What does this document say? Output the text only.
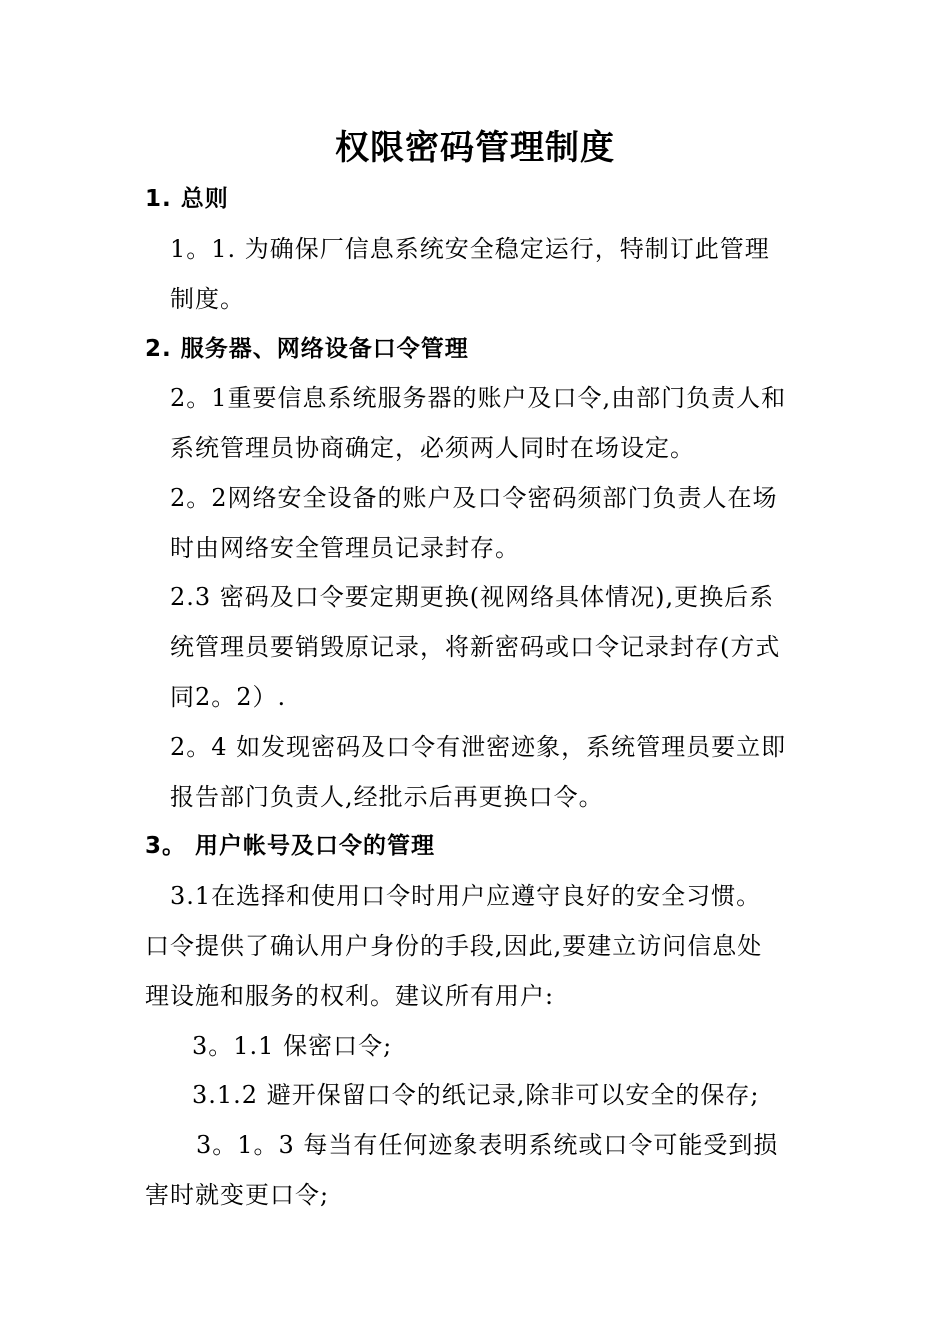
权限密码管理制度
1. 总则
1。1. 为确保厂信息系统安全稳定运行，特制订此管理
制度。
2. 服务器、网络设备口令管理
2。1重要信息系统服务器的账户及口令,由部门负责人和
系统管理员协商确定，必须两人同时在场设定。
2。2网络安全设备的账户及口令密码须部门负责人在场
时由网络安全管理员记录封存。
2.3 密码及口令要定期更换(视网络具体情况),更换后系
统管理员要销毁原记录，将新密码或口令记录封存(方式
同2。2）.
2。4 如发现密码及口令有泄密迹象，系统管理员要立即
报告部门负责人,经批示后再更换口令。
3。 用户帐号及口令的管理
3.1在选择和使用口令时用户应遵守良好的安全习惯。
口令提供了确认用户身份的手段,因此,要建立访问信息处
理设施和服务的权利。建议所有用户:
3。1.1 保密口令;
3.1.2 避开保留口令的纸记录,除非可以安全的保存;
3。1。3 每当有任何迹象表明系统或口令可能受到损
害时就变更口令;
